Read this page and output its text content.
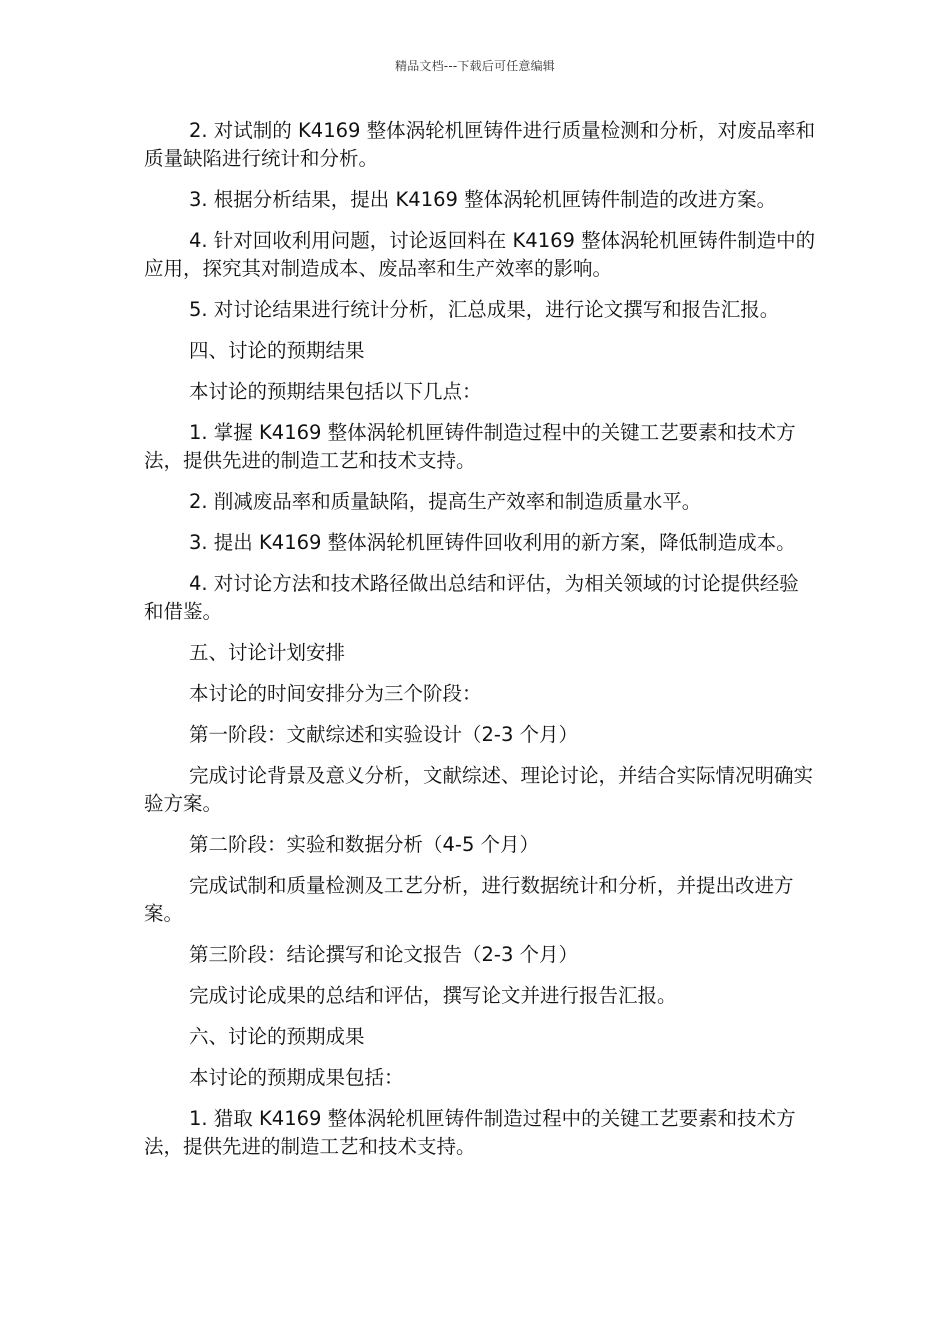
精品文档---下载后可任意编辑

2. 对试制的 K4169 整体涡轮机匣铸件进行质量检测和分析，对废品率和质量缺陷进行统计和分析。

3. 根据分析结果，提出 K4169 整体涡轮机匣铸件制造的改进方案。

4. 针对回收利用问题，讨论返回料在 K4169 整体涡轮机匣铸件制造中的应用，探究其对制造成本、废品率和生产效率的影响。

5. 对讨论结果进行统计分析，汇总成果，进行论文撰写和报告汇报。

四、讨论的预期结果

本讨论的预期结果包括以下几点：

1. 掌握 K4169 整体涡轮机匣铸件制造过程中的关键工艺要素和技术方法，提供先进的制造工艺和技术支持。

2. 削减废品率和质量缺陷，提高生产效率和制造质量水平。

3. 提出 K4169 整体涡轮机匣铸件回收利用的新方案，降低制造成本。

4. 对讨论方法和技术路径做出总结和评估，为相关领域的讨论提供经验和借鉴。

五、讨论计划安排

本讨论的时间安排分为三个阶段：

第一阶段：文献综述和实验设计（2-3 个月）

完成讨论背景及意义分析，文献综述、理论讨论，并结合实际情况明确实验方案。

第二阶段：实验和数据分析（4-5 个月）

完成试制和质量检测及工艺分析，进行数据统计和分析，并提出改进方案。

第三阶段：结论撰写和论文报告（2-3 个月）

完成讨论成果的总结和评估，撰写论文并进行报告汇报。

六、讨论的预期成果

本讨论的预期成果包括：

1. 猎取 K4169 整体涡轮机匣铸件制造过程中的关键工艺要素和技术方法，提供先进的制造工艺和技术支持。
